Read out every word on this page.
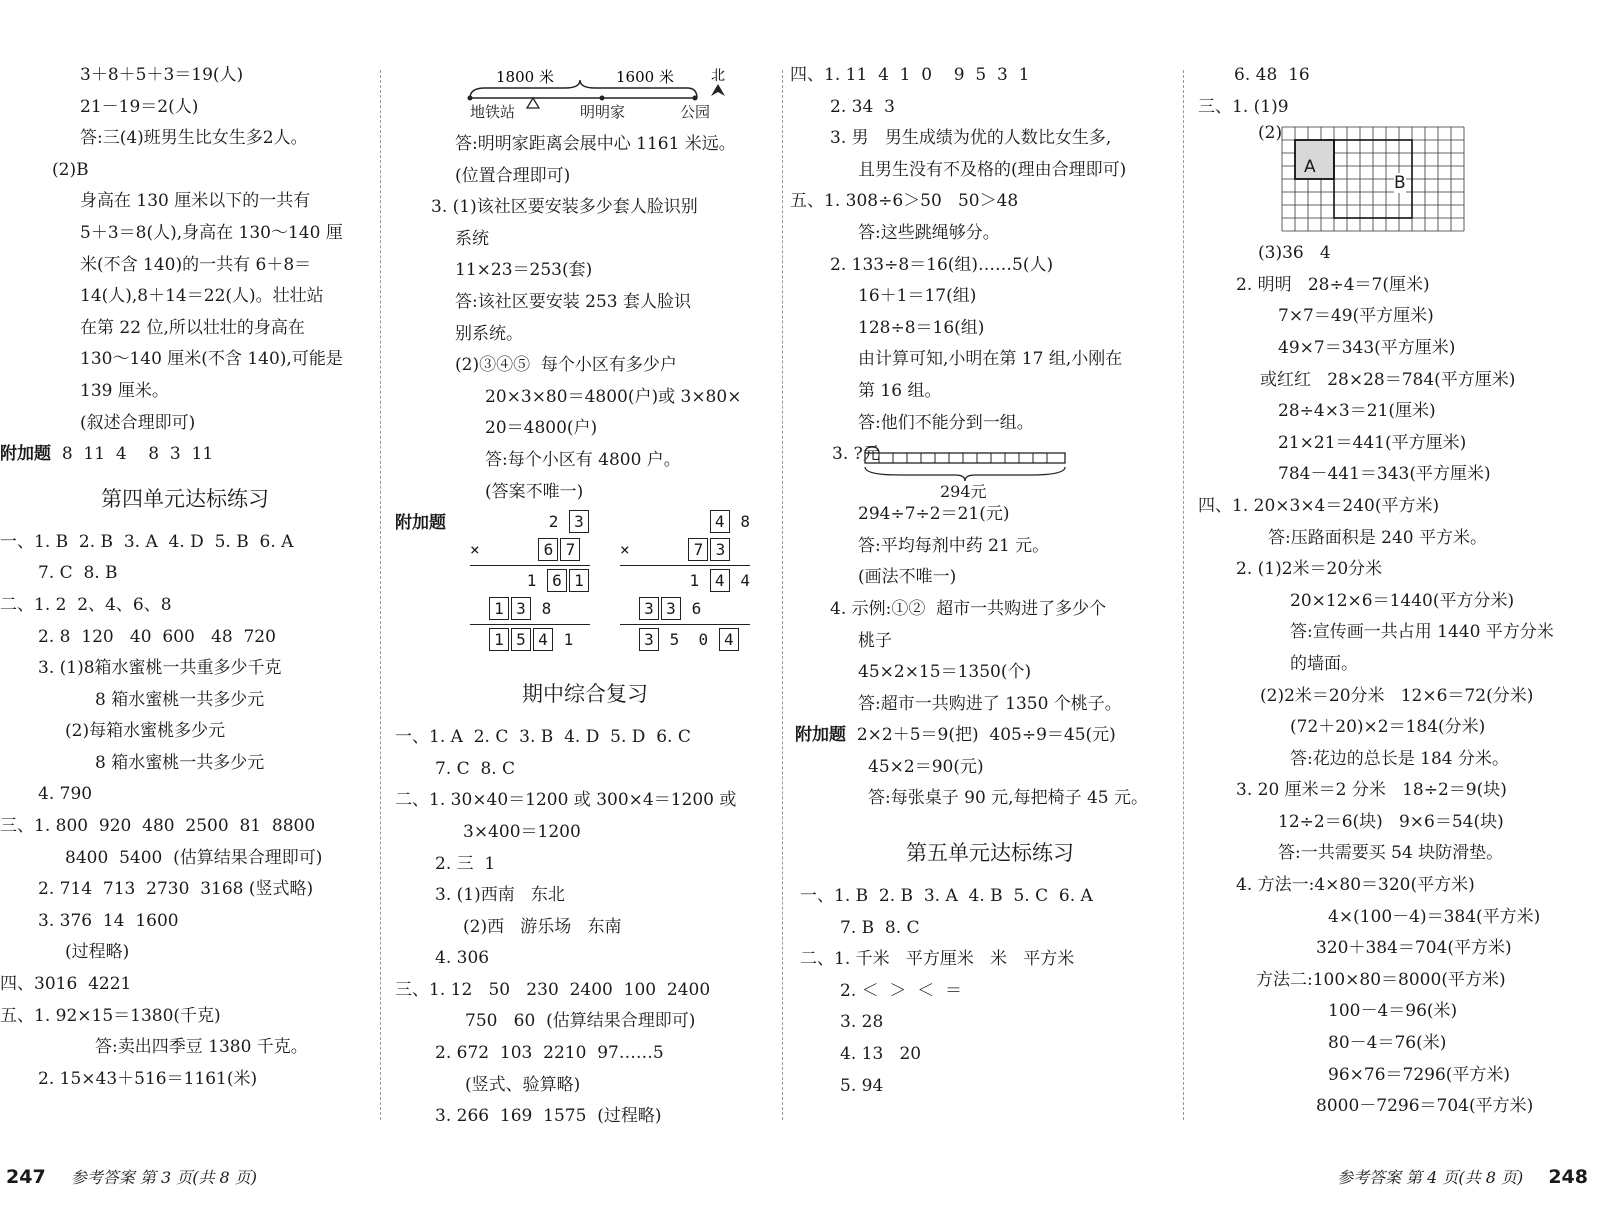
3＋8＋5＋3＝19(人)
21－19＝2(人)
答:三(4)班男生比女生多2人。
(2)B
身高在 130 厘米以下的一共有
5＋3＝8(人),身高在 130～140 厘
米(不含 140)的一共有 6＋8＝
14(人),8＋14＝22(人)。壮壮站
在第 22 位,所以壮壮的身高在
130～140 厘米(不含 140),可能是
139 厘米。
(叙述合理即可)
附加题 8  11  4    8  3  11
第四单元达标练习
一、1. B  2. B  3. A  4. D  5. B  6. A
7. C  8. B
二、1. 2  2、4、6、8
2. 8  120   40  600   48  720
3. (1)8箱水蜜桃一共重多少千克
8 箱水蜜桃一共多少元
(2)每箱水蜜桃多少元
8 箱水蜜桃一共多少元
4. 790
三、1. 800  920  480  2500  81  8800
8400  5400  (估算结果合理即可)
2. 714  713  2730  3168 (竖式略)
3. 376  14  1600
(过程略)
四、3016  4221
五、1. 92×15＝1380(千克)
答:卖出四季豆 1380 千克。
2. 15×43＋516＝1161(米)
1800 米	1600 米	北
地铁站	明明家	公园
答:明明家距离会展中心 1161 米远。
(位置合理即可)
3. (1)该社区要安装多少套人脸识别
系统
11×23＝253(套)
答:该社区要安装 253 套人脸识
别系统。
(2)③④⑤  每个小区有多少户
20×3×80＝4800(户)或 3×80×
20＝4800(户)
答:每个小区有 4800 户。
(答案不唯一)
附加题	2 3
×      6 7
1 6 1
1 3 8
1 5 4 1
4 8
×      7 3
1 4 4
3 3 6
3 5  0 4
期中综合复习
一、1. A  2. C  3. B  4. D  5. D  6. C
7. C  8. C
二、1. 30×40＝1200 或 300×4＝1200 或
3×400＝1200
2. 三  1
3. (1)西南   东北
(2)西   游乐场   东南
4. 306
三、1. 12   50   230  2400  100  2400
750   60  (估算结果合理即可)
2. 672  103  2210  97……5
(竖式、验算略)
3. 266  169  1575  (过程略)
四、1. 11  4  1  0    9  5  3  1
2. 34  3
3. 男   男生成绩为优的人数比女生多,
且男生没有不及格的(理由合理即可)
五、1. 308÷6＞50   50＞48
答:这些跳绳够分。
2. 133÷8＝16(组)……5(人)
16＋1＝17(组)
128÷8＝16(组)
由计算可知,小明在第 17 组,小刚在
第 16 组。
答:他们不能分到一组。
3. ?元
294元
294÷7÷2＝21(元)
答:平均每剂中药 21 元。
(画法不唯一)
4. 示例:①②  超市一共购进了多少个
桃子
45×2×15＝1350(个)
答:超市一共购进了 1350 个桃子。
附加题 2×2＋5＝9(把)  405÷9＝45(元)
45×2＝90(元)
答:每张桌子 90 元,每把椅子 45 元。
第五单元达标练习
一、1. B  2. B  3. A  4. B  5. C  6. A
7. B  8. C
二、1. 千米   平方厘米   米   平方米
2. ＜  ＞  ＜  ＝
3. 28
4. 13   20
5. 94
6. 48  16
三、1. (1)9
(2)
A
B
(3)36   4
2. 明明   28÷4＝7(厘米)
7×7＝49(平方厘米)
49×7＝343(平方厘米)
或红红   28×28＝784(平方厘米)
28÷4×3＝21(厘米)
21×21＝441(平方厘米)
784－441＝343(平方厘米)
四、1. 20×3×4＝240(平方米)
答:压路面积是 240 平方米。
2. (1)2米＝20分米
20×12×6＝1440(平方分米)
答:宣传画一共占用 1440 平方分米
的墙面。
(2)2米＝20分米   12×6＝72(分米)
(72＋20)×2＝184(分米)
答:花边的总长是 184 分米。
3. 20 厘米＝2 分米   18÷2＝9(块)
12÷2＝6(块)   9×6＝54(块)
答:一共需要买 54 块防滑垫。
4. 方法一:4×80＝320(平方米)
4×(100－4)＝384(平方米)
320＋384＝704(平方米)
方法二:100×80＝8000(平方米)
100－4＝96(米)
80－4＝76(米)
96×76＝7296(平方米)
8000－7296＝704(平方米)
247 参考答案 第 3 页(共 8 页)	参考答案 第 4 页(共 8 页) 248
